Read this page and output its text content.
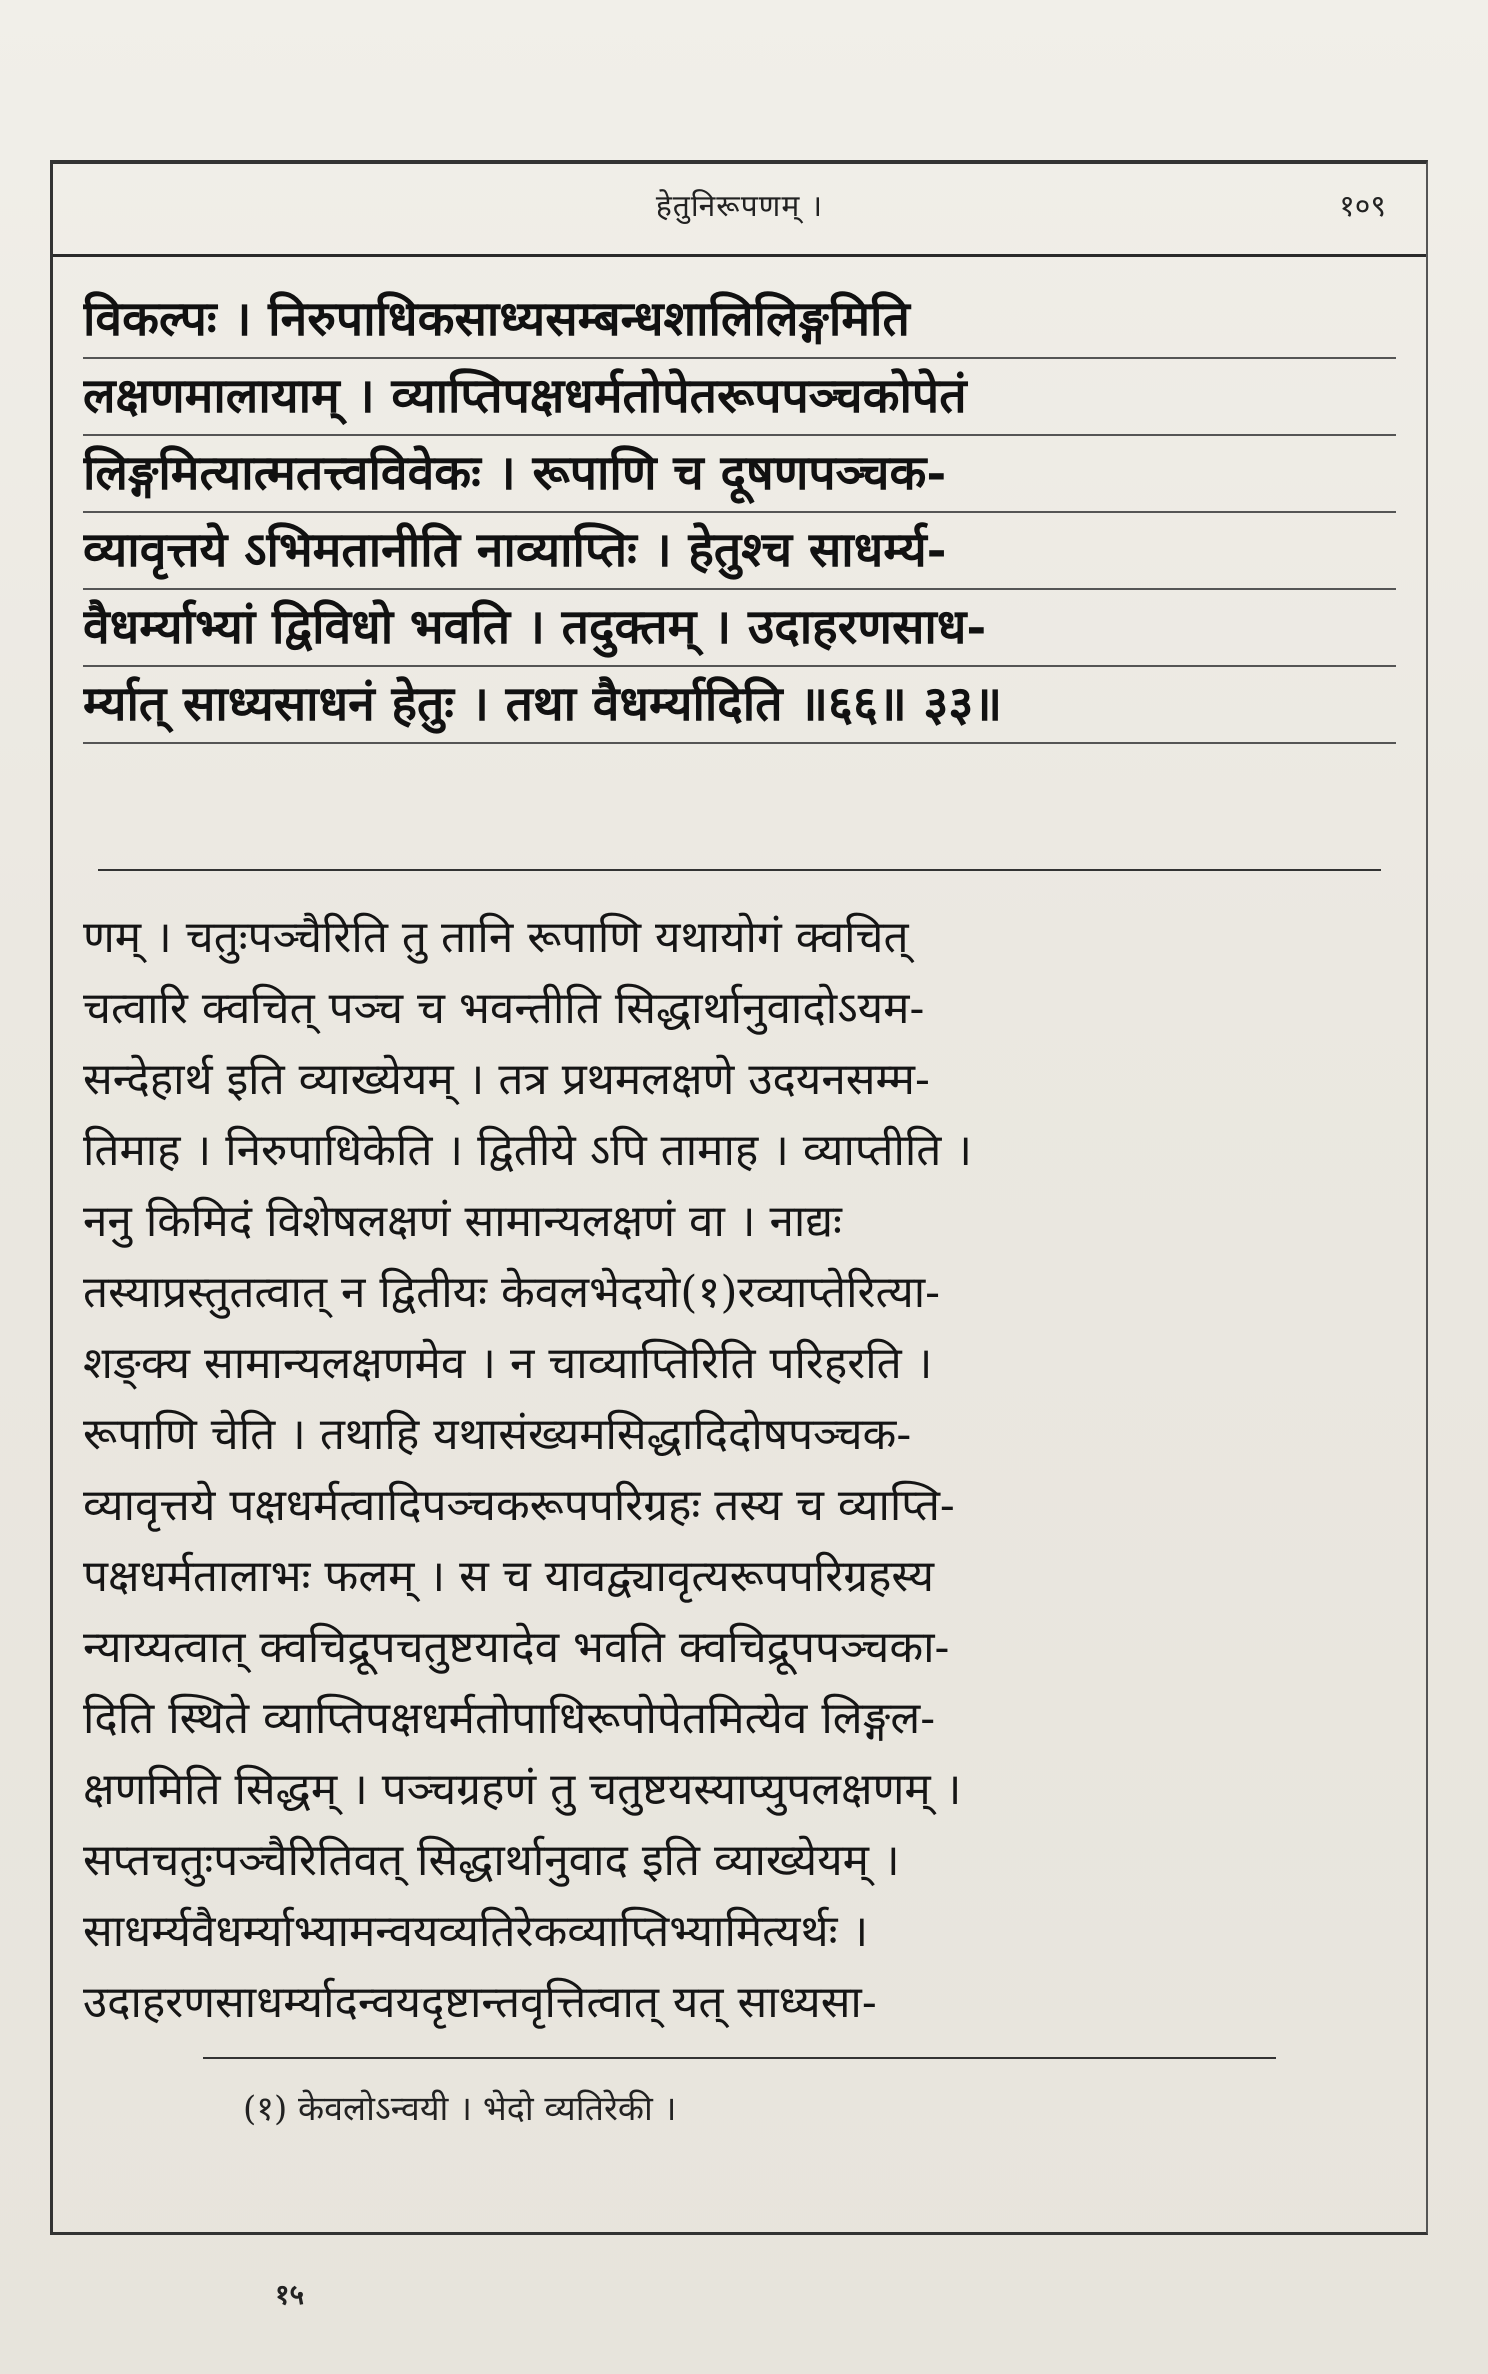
हेतुनिरूपणम् ।	१०९
विकल्पः । निरुपाधिकसाध्यसम्बन्धशालिलिङ्गमिति
लक्षणमालायाम् । व्याप्तिपक्षधर्मतोपेतरूपपञ्चकोपेतं
लिङ्गमित्यात्मतत्त्वविवेकः । रूपाणि च दूषणपञ्चक-
व्यावृत्तये ऽभिमतानीति नाव्याप्तिः । हेतुश्च साधर्म्य-
वैधर्म्याभ्यां द्विविधो भवति । तदुक्तम् । उदाहरणसाध-
र्म्यात् साध्यसाधनं हेतुः । तथा वैधर्म्यादिति ॥६६॥ ३३॥
णम् । चतुःपञ्चैरिति तु तानि रूपाणि यथायोगं क्वचित्
चत्वारि क्वचित् पञ्च च भवन्तीति सिद्धार्थानुवादोऽयम-
सन्देहार्थ इति व्याख्येयम् । तत्र प्रथमलक्षणे उदयनसम्म-
तिमाह । निरुपाधिकेति । द्वितीये ऽपि तामाह । व्याप्तीति ।
ननु किमिदं विशेषलक्षणं सामान्यलक्षणं वा । नाद्यः
तस्याप्रस्तुतत्वात् न द्वितीयः केवलभेदयो(१)रव्याप्तेरित्या-
शङ्क्य सामान्यलक्षणमेव । न चाव्याप्तिरिति परिहरति ।
रूपाणि चेति । तथाहि यथासंख्यमसिद्धादिदोषपञ्चक-
व्यावृत्तये पक्षधर्मत्वादिपञ्चकरूपपरिग्रहः तस्य च व्याप्ति-
पक्षधर्मतालाभः फलम् । स च यावद्व्यावृत्यरूपपरिग्रहस्य
न्याय्यत्वात् क्वचिद्रूपचतुष्टयादेव भवति क्वचिद्रूपपञ्चका-
दिति स्थिते व्याप्तिपक्षधर्मतोपाधिरूपोपेतमित्येव लिङ्गल-
क्षणमिति सिद्धम् । पञ्चग्रहणं तु चतुष्टयस्याप्युपलक्षणम् ।
सप्तचतुःपञ्चैरितिवत् सिद्धार्थानुवाद इति व्याख्येयम् ।
साधर्म्यवैधर्म्याभ्यामन्वयव्यतिरेकव्याप्तिभ्यामित्यर्थः ।
उदाहरणसाधर्म्यादन्वयदृष्टान्तवृत्तित्वात् यत् साध्यसा-
(१) केवलोऽन्वयी । भेदो व्यतिरेकी ।
१५
